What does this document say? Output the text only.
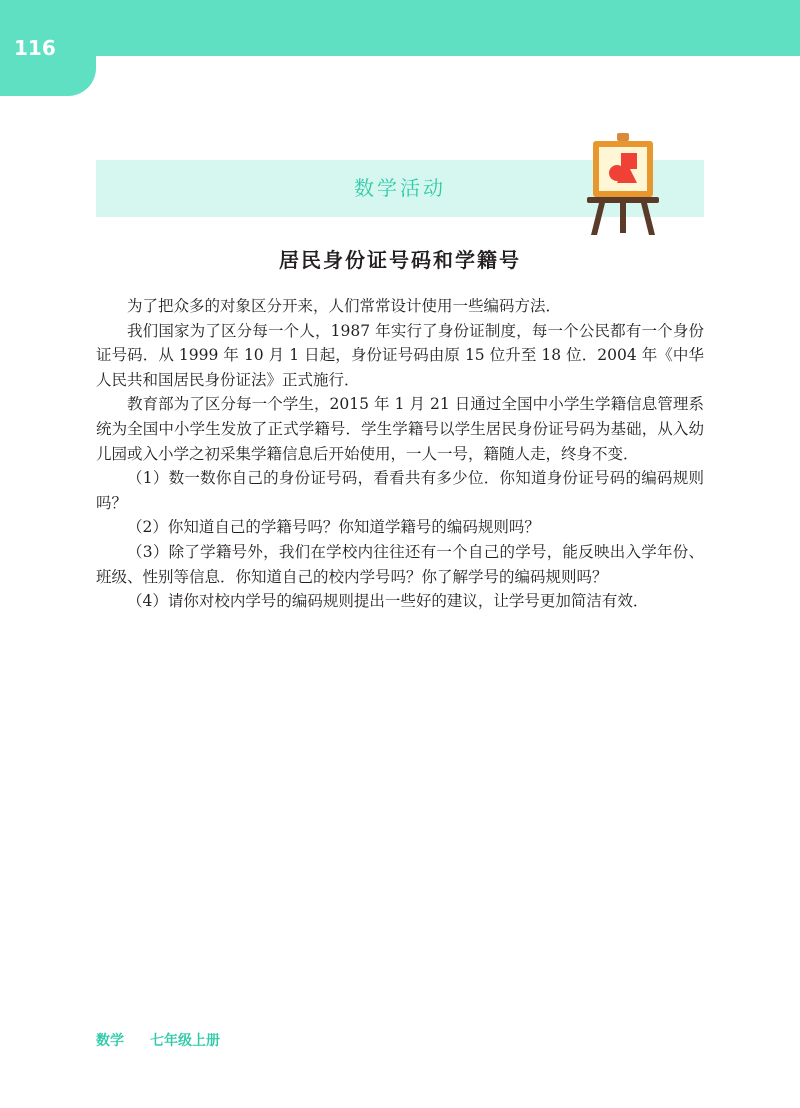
116
数学活动
居民身份证号码和学籍号

为了把众多的对象区分开来，人们常常设计使用一些编码方法．

我们国家为了区分每一个人，1987 年实行了身份证制度，每一个公民都有一个身份证号码．从 1999 年 10 月 1 日起，身份证号码由原 15 位升至 18 位．2004 年《中华人民共和国居民身份证法》正式施行．

教育部为了区分每一个学生，2015 年 1 月 21 日通过全国中小学生学籍信息管理系统为全国中小学生发放了正式学籍号．学生学籍号以学生居民身份证号码为基础，从入幼儿园或入小学之初采集学籍信息后开始使用，一人一号，籍随人走，终身不变．

（1）数一数你自己的身份证号码，看看共有多少位．你知道身份证号码的编码规则吗？

（2）你知道自己的学籍号吗？你知道学籍号的编码规则吗？

（3）除了学籍号外，我们在学校内往往还有一个自己的学号，能反映出入学年份、班级、性别等信息．你知道自己的校内学号吗？你了解学号的编码规则吗？

（4）请你对校内学号的编码规则提出一些好的建议，让学号更加简洁有效．

数学 七年级上册
